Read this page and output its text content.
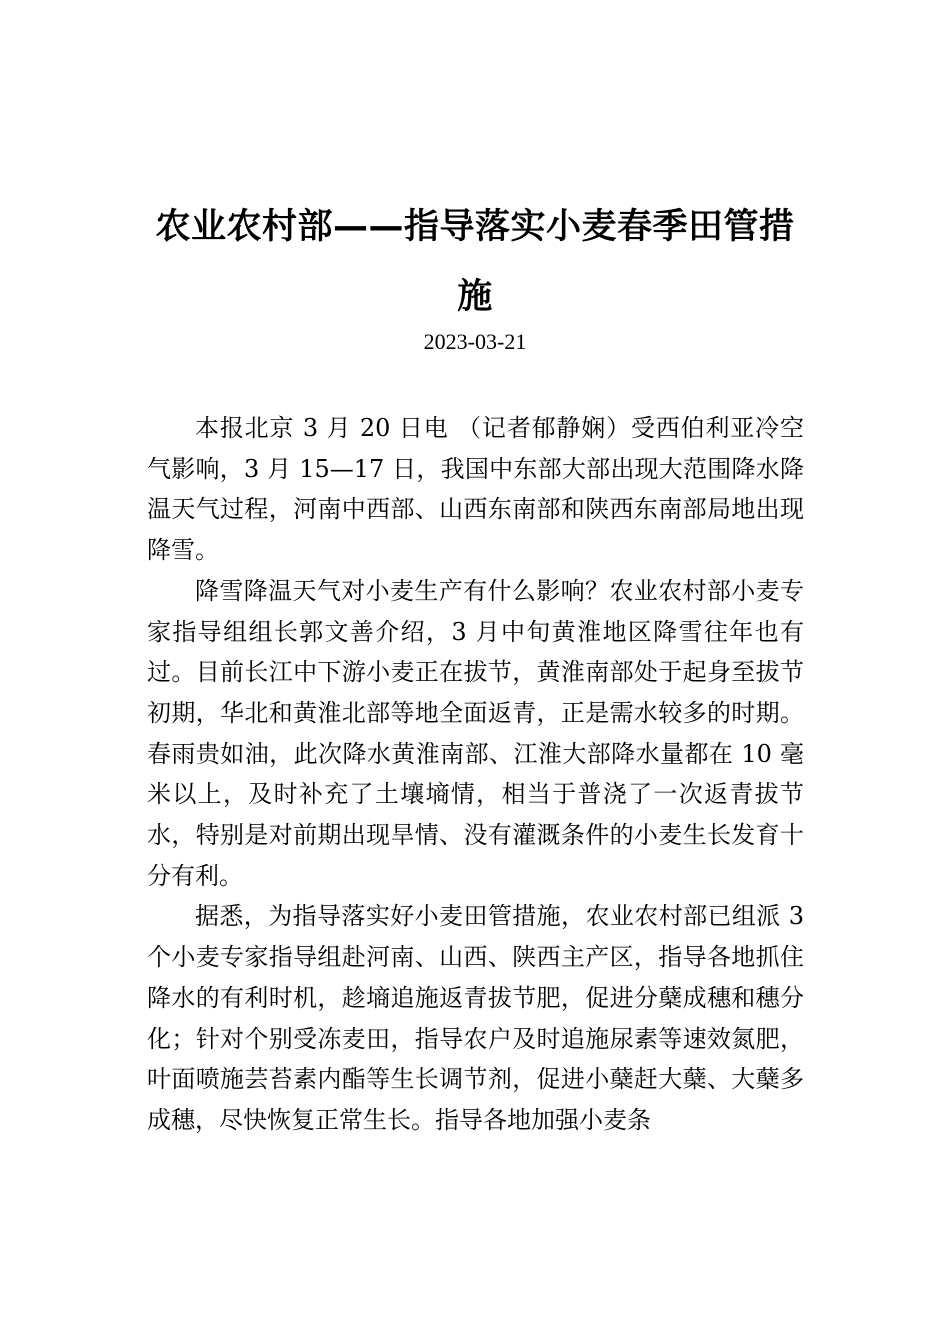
农业农村部——指导落实小麦春季田管措施
2023-03-21

本报北京 3 月 20 日电 （记者郁静娴）受西伯利亚冷空气影响，3 月 15—17 日，我国中东部大部出现大范围降水降温天气过程，河南中西部、山西东南部和陕西东南部局地出现降雪。

降雪降温天气对小麦生产有什么影响？农业农村部小麦专家指导组组长郭文善介绍，3 月中旬黄淮地区降雪往年也有过。目前长江中下游小麦正在拔节，黄淮南部处于起身至拔节初期，华北和黄淮北部等地全面返青，正是需水较多的时期。春雨贵如油，此次降水黄淮南部、江淮大部降水量都在 10 毫米以上，及时补充了土壤墒情，相当于普浇了一次返青拔节水，特别是对前期出现旱情、没有灌溉条件的小麦生长发育十分有利。

据悉，为指导落实好小麦田管措施，农业农村部已组派 3 个小麦专家指导组赴河南、山西、陕西主产区，指导各地抓住降水的有利时机，趁墒追施返青拔节肥，促进分蘖成穗和穗分化；针对个别受冻麦田，指导农户及时追施尿素等速效氮肥，叶面喷施芸苔素内酯等生长调节剂，促进小蘖赶大蘖、大蘖多成穗，尽快恢复正常生长。指导各地加强小麦条
